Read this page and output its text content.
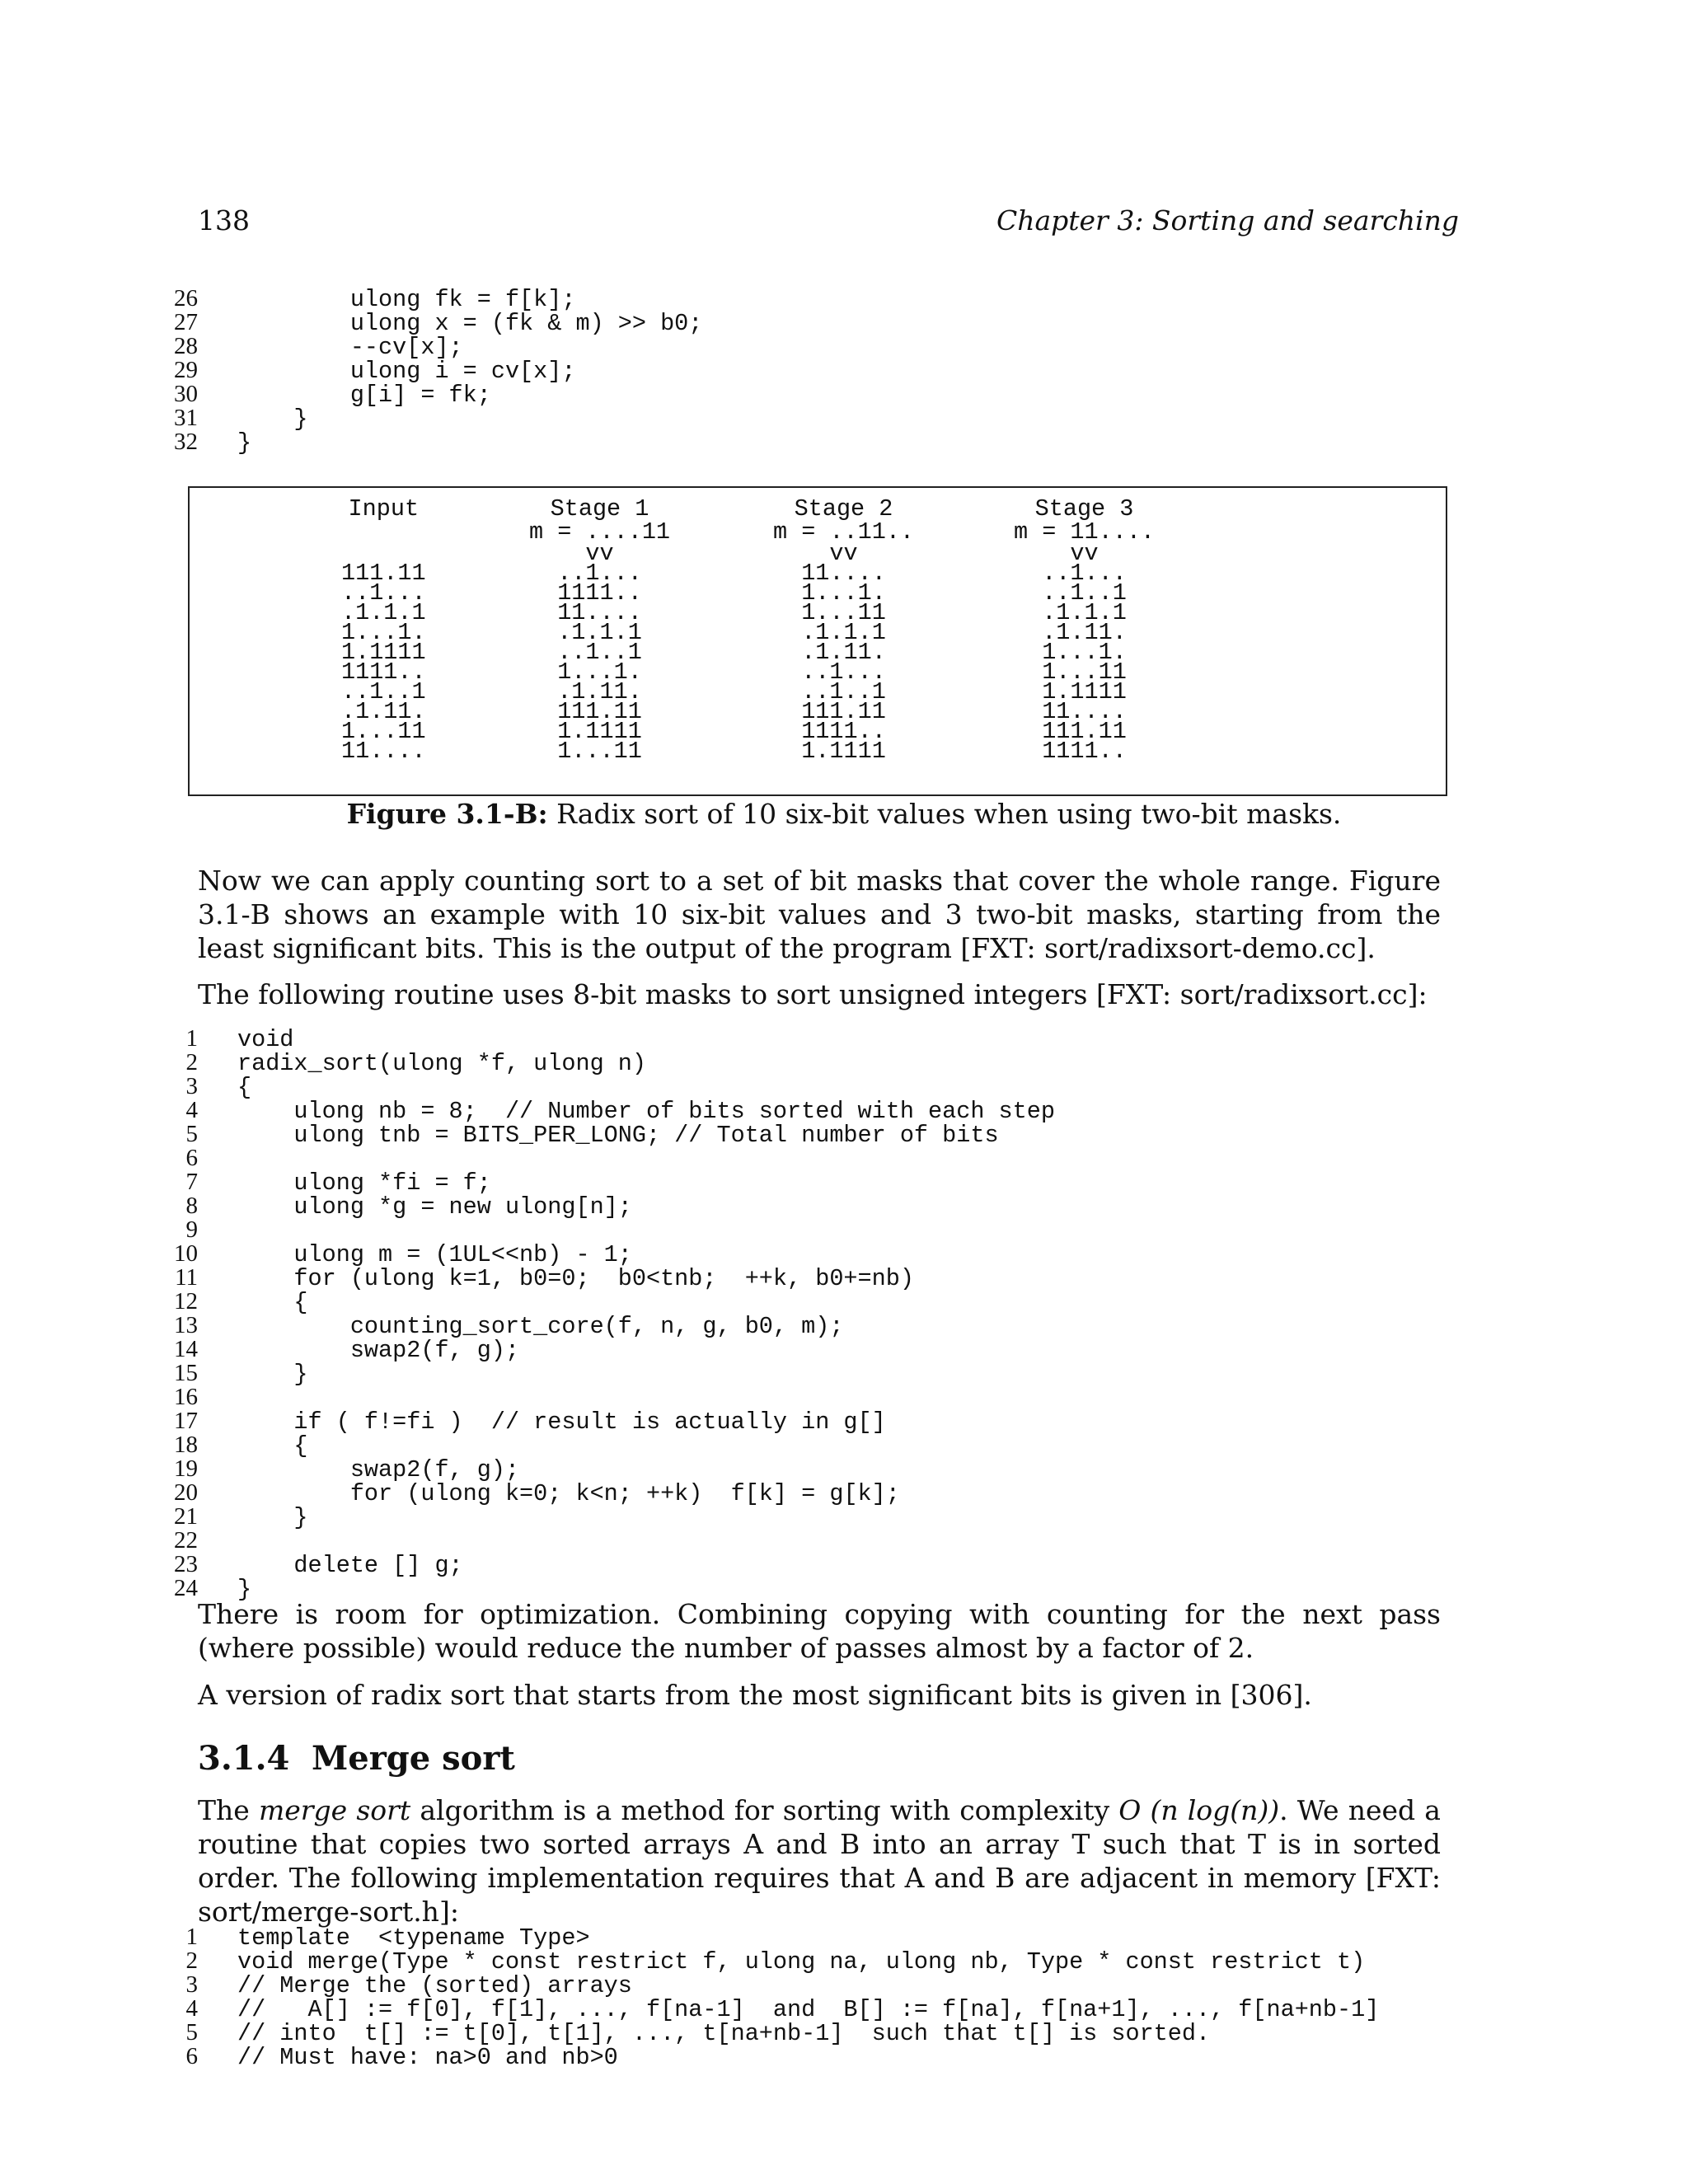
138	Chapter 3: Sorting and searching
26        ulong fk = f[k];
27        ulong x = (fk & m) >> b0;
28        --cv[x];
29        ulong i = cv[x];
30        g[i] = fk;
31    }
32 }
Input
111.11
..1...
.1.1.1
1...1.
1.1111
1111..
..1..1
.1.11.
1...11
11....
Stage 1
m = ....11
vv
..1...
1111..
11....
.1.1.1
..1..1
1...1.
.1.11.
111.11
1.1111
1...11
Stage 2
m = ..11..
vv
11....
1...1.
1...11
.1.1.1
.1.11.
..1...
..1..1
111.11
1111..
1.1111
Stage 3
m = 11....
vv
..1...
..1..1
.1.1.1
.1.11.
1...1.
1...11
1.1111
11....
111.11
1111..
Figure 3.1-B: Radix sort of 10 six-bit values when using two-bit masks.
Now we can apply counting sort to a set of bit masks that cover the whole range. Figure 3.1-B shows an example with 10 six-bit values and 3 two-bit masks, starting from the least significant bits. This is the output of the program [FXT: sort/radixsort-demo.cc].
The following routine uses 8-bit masks to sort unsigned integers [FXT: sort/radixsort.cc]:
1 void
2 radix_sort(ulong *f, ulong n)
3 {
4    ulong nb = 8;  // Number of bits sorted with each step
5    ulong tnb = BITS_PER_LONG; // Total number of bits
6
7    ulong *fi = f;
8    ulong *g = new ulong[n];
9
10    ulong m = (1UL<<nb) - 1;
11    for (ulong k=1, b0=0;  b0<tnb;  ++k, b0+=nb)
12    {
13        counting_sort_core(f, n, g, b0, m);
14        swap2(f, g);
15    }
16
17    if ( f!=fi )  // result is actually in g[]
18    {
19        swap2(f, g);
20        for (ulong k=0; k<n; ++k)  f[k] = g[k];
21    }
22
23    delete [] g;
24 }
There is room for optimization. Combining copying with counting for the next pass (where possible) would reduce the number of passes almost by a factor of 2.
A version of radix sort that starts from the most significant bits is given in [306].
3.1.4 Merge sort
The merge sort algorithm is a method for sorting with complexity O (n log(n)). We need a routine that copies two sorted arrays A and B into an array T such that T is in sorted order. The following implementation requires that A and B are adjacent in memory [FXT: sort/merge-sort.h]:
1 template  <typename Type>
2 void merge(Type * const restrict f, ulong na, ulong nb, Type * const restrict t)
3 // Merge the (sorted) arrays
4 //   A[] := f[0], f[1], ..., f[na-1]  and  B[] := f[na], f[na+1], ..., f[na+nb-1]
5 // into  t[] := t[0], t[1], ..., t[na+nb-1]  such that t[] is sorted.
6 // Must have: na>0 and nb>0
